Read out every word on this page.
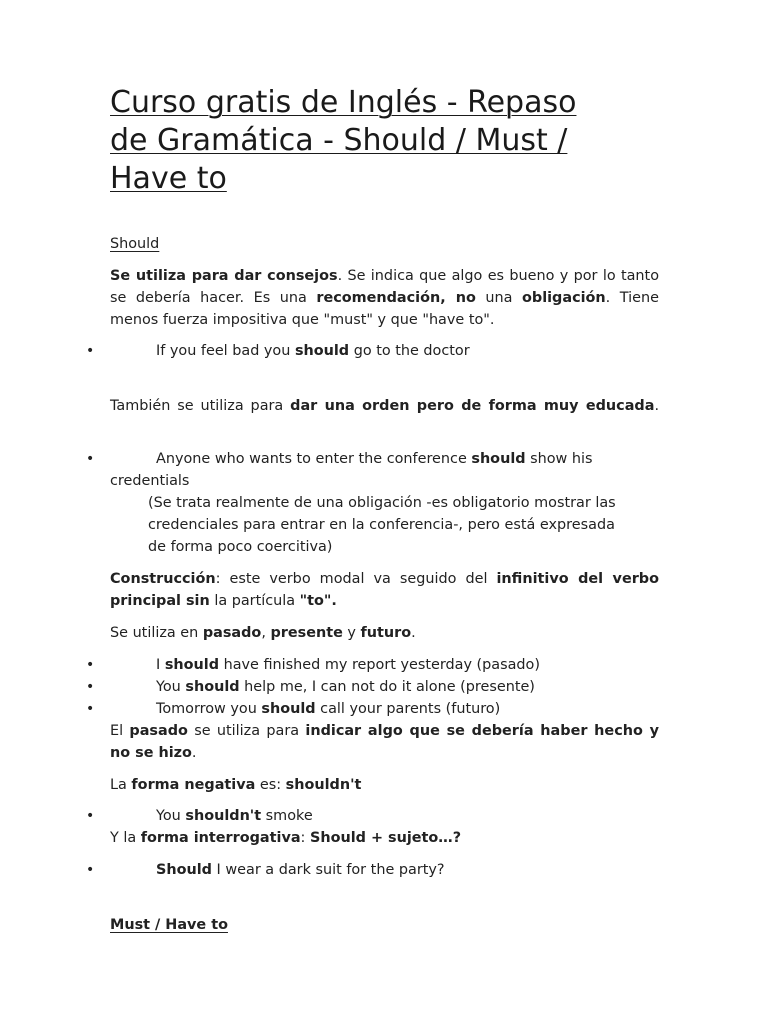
Curso gratis de Inglés - Repaso
de Gramática - Should / Must /
Have to

Should

Se utiliza para dar consejos. Se indica que algo es bueno y por lo tanto se debería hacer. Es una recomendación, no una obligación. Tiene menos fuerza impositiva que "must" y que "have to".

•	If you feel bad you should go to the doctor

También se utiliza para dar una orden pero de forma muy educada.

•	Anyone who wants to enter the conference should show his
credentials
(Se trata realmente de una obligación -es obligatorio mostrar las
credenciales para entrar en la conferencia-, pero está expresada
de forma poco coercitiva)

Construcción: este verbo modal va seguido del infinitivo del verbo principal sin la partícula "to".

Se utiliza en pasado, presente y futuro.

•	I should have finished my report yesterday (pasado)
•	You should help me, I can not do it alone (presente)
•	Tomorrow you should call your parents (futuro)

El pasado se utiliza para indicar algo que se debería haber hecho y no se hizo.

La forma negativa es: shouldn't

•	You shouldn't smoke

Y la forma interrogativa: Should + sujeto…?

•	Should I wear a dark suit for the party?

Must / Have to
